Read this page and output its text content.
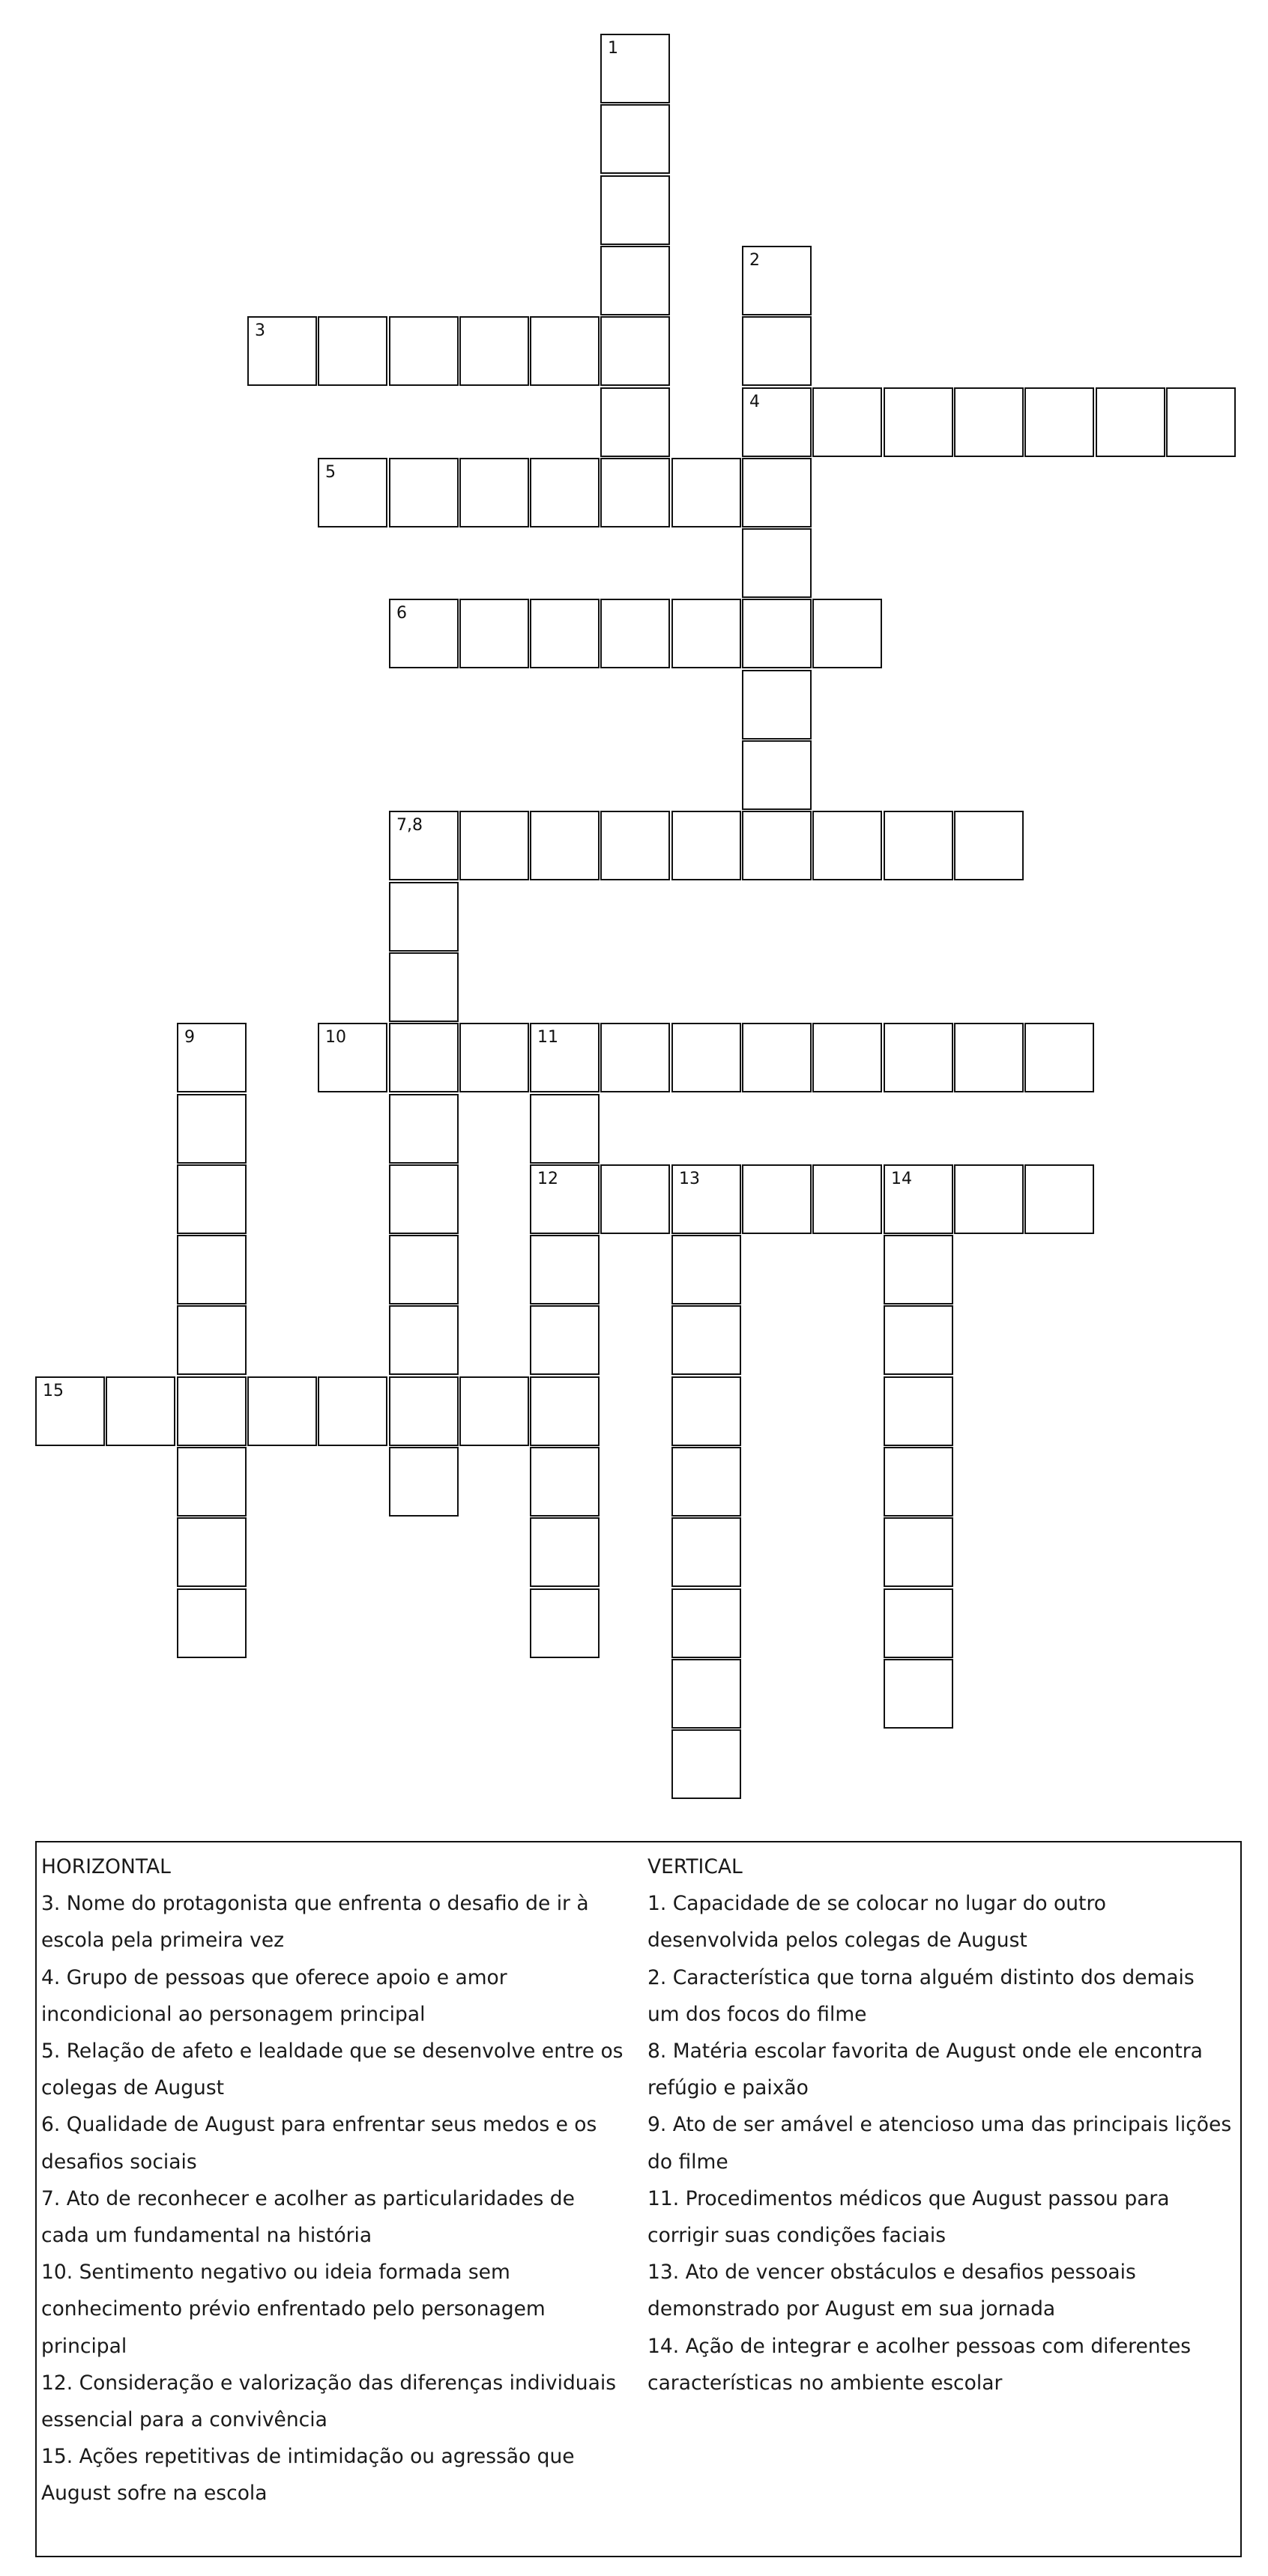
3
4
5
6
7,8
10	11
12	13	14
15
1
2
9
HORIZONTAL
3. Nome do protagonista que enfrenta o desafio de ir à
escola pela primeira vez
4. Grupo de pessoas que oferece apoio e amor
incondicional ao personagem principal
5. Relação de afeto e lealdade que se desenvolve entre os
colegas de August
6. Qualidade de August para enfrentar seus medos e os
desafios sociais
7. Ato de reconhecer e acolher as particularidades de
cada um fundamental na história
10. Sentimento negativo ou ideia formada sem
conhecimento prévio enfrentado pelo personagem
principal
12. Consideração e valorização das diferenças individuais
essencial para a convivência
15. Ações repetitivas de intimidação ou agressão que
August sofre na escola
VERTICAL
1. Capacidade de se colocar no lugar do outro
desenvolvida pelos colegas de August
2. Característica que torna alguém distinto dos demais
um dos focos do filme
8. Matéria escolar favorita de August onde ele encontra
refúgio e paixão
9. Ato de ser amável e atencioso uma das principais lições
do filme
11. Procedimentos médicos que August passou para
corrigir suas condições faciais
13. Ato de vencer obstáculos e desafios pessoais
demonstrado por August em sua jornada
14. Ação de integrar e acolher pessoas com diferentes
características no ambiente escolar
